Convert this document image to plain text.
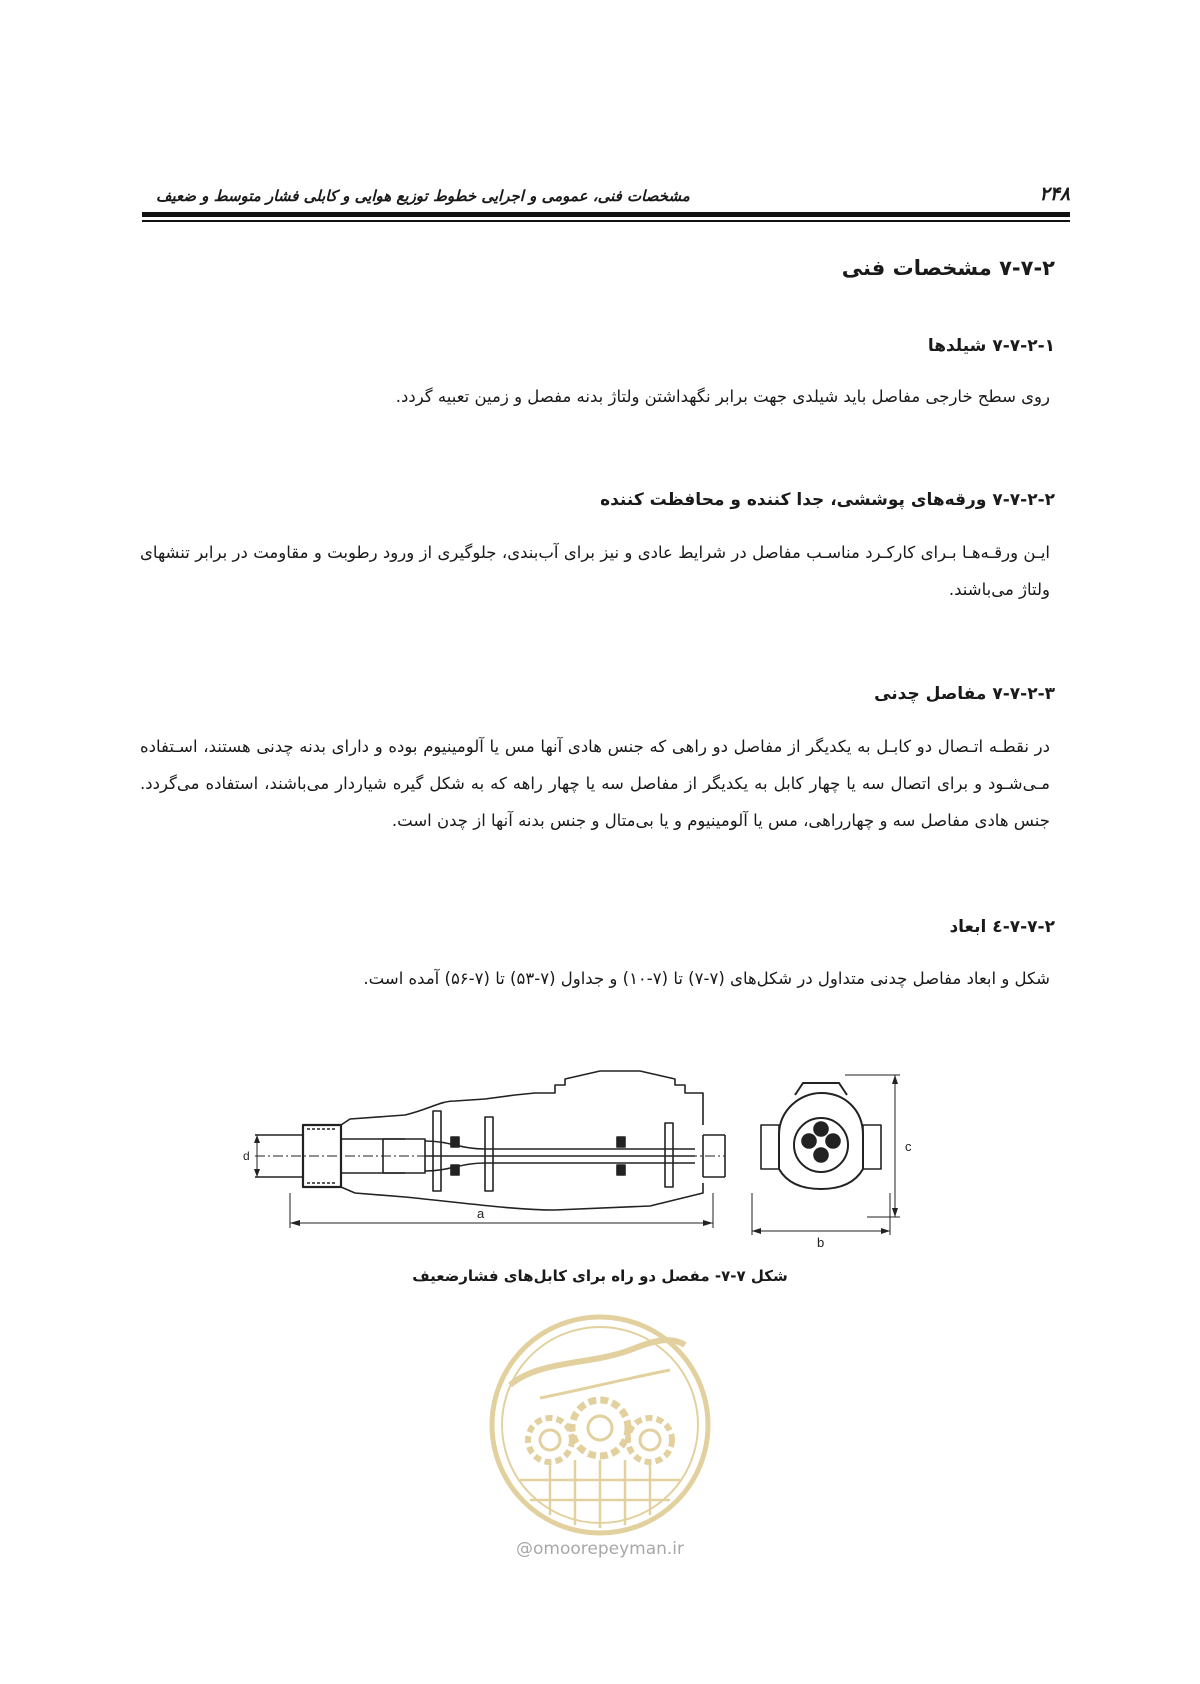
۲۴۸
مشخصات فنی، عمومی و اجرایی خطوط توزیع هوایی و کابلی فشار متوسط و ضعیف
۷-۷-۲ مشخصات فنی
۷-۷-۲-۱ شیلدها

روی سطح خارجی مفاصل باید شیلدی جهت برابر نگهداشتن ولتاژ بدنه مفصل و زمین تعبیه گردد.

۷-۷-۲-۲ ورقه‌های پوششی، جدا کننده و محافظت کننده

ایـن ورقـه‌هـا بـرای کارکـرد مناسـب مفاصل در شرایط عادی و نیز برای آب‌بندی، جلوگیری از ورود رطوبت و مقاومت در برابر تنشهای ولتاژ می‌باشند.

۷-۷-۲-۳ مفاصل چدنی

در نقطـه اتـصال دو کابـل به یکدیگر از مفاصل دو راهی که جنس هادی آنها مس یا آلومینیوم بوده و دارای بدنه چدنی هستند، اسـتفاده مـی‌شـود و برای اتصال سه یا چهار کابل به یکدیگر از مفاصل سه یا چهار راهه که به شکل گیره شیاردار می‌باشند، استفاده می‌گردد. جنس هادی مفاصل سه و چهارراهی، مس یا آلومینیوم و یا بی‌متال و جنس بدنه آنها از چدن است.

۷-۷-۲-٤ ابعاد

شکل و ابعاد مفاصل چدنی متداول در شکل‌های (۷-۷) تا (۷-۱۰) و جداول (۷-۵۳) تا (۷-۵۶) آمده است.

d
a
b
c
شکل ۷-۷- مفصل دو راه برای کابل‌های فشارضعیف
@omoorepeyman.ir
